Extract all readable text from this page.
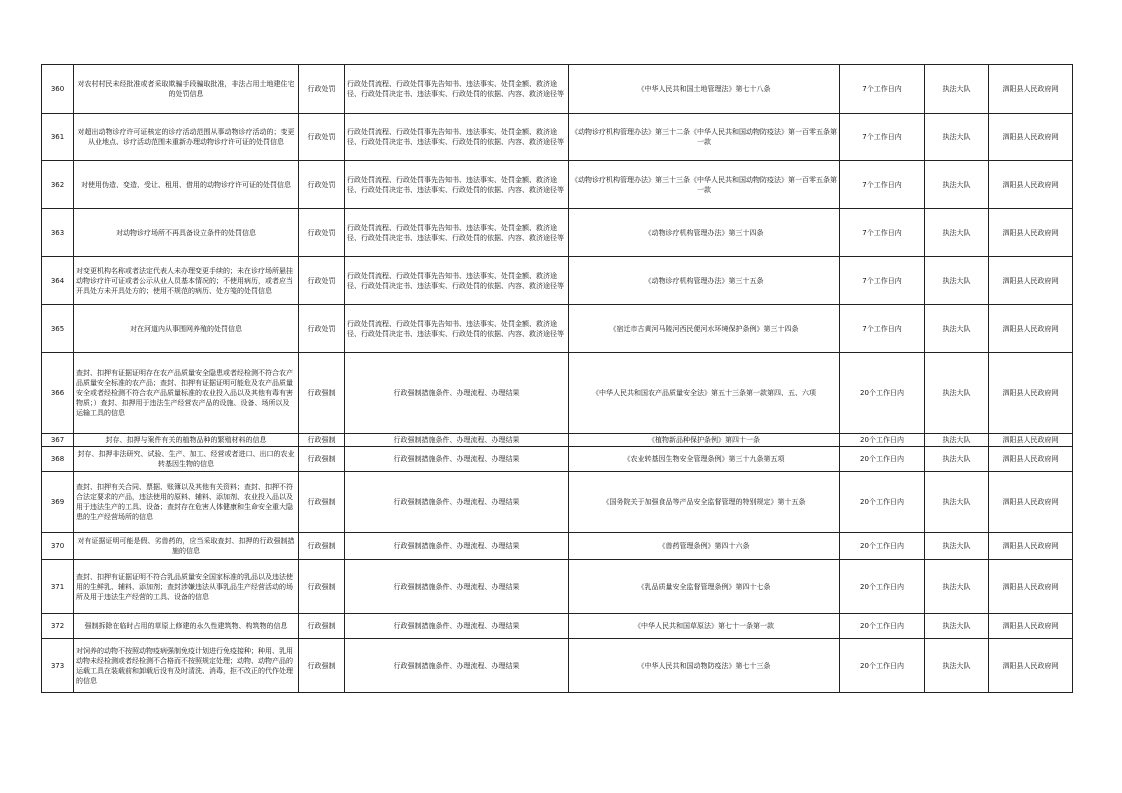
360	对农村村民未经批准或者采取欺骗手段骗取批准，非法占用土地建住宅的处罚信息	行政处罚	行政处罚流程、行政处罚事先告知书、违法事实、处罚金额、救济途径、行政处罚决定书、违法事实、行政处罚的依据、内容、救济途径等	《中华人民共和国土地管理法》第七十八条	7个工作日内	执法大队	泗阳县人民政府网
361	对超出动物诊疗许可证核定的诊疗活动范围从事动物诊疗活动的；变更从业地点、诊疗活动范围未重新办理动物诊疗许可证的处罚信息	行政处罚	行政处罚流程、行政处罚事先告知书、违法事实、处罚金额、救济途径、行政处罚决定书、违法事实、行政处罚的依据、内容、救济途径等	《动物诊疗机构管理办法》第三十二条《中华人民共和国动物防疫法》第一百零五条第一款	7个工作日内	执法大队	泗阳县人民政府网
362	对使用伪造、变造、受让、租用、借用的动物诊疗许可证的处罚信息	行政处罚	行政处罚流程、行政处罚事先告知书、违法事实、处罚金额、救济途径、行政处罚决定书、违法事实、行政处罚的依据、内容、救济途径等	《动物诊疗机构管理办法》第三十三条《中华人民共和国动物防疫法》第一百零五条第一款	7个工作日内	执法大队	泗阳县人民政府网
363	对动物诊疗场所不再具备设立条件的处罚信息	行政处罚	行政处罚流程、行政处罚事先告知书、违法事实、处罚金额、救济途径、行政处罚决定书、违法事实、行政处罚的依据、内容、救济途径等	《动物诊疗机构管理办法》第三十四条	7个工作日内	执法大队	泗阳县人民政府网
364	对变更机构名称或者法定代表人未办理变更手续的；未在诊疗场所悬挂动物诊疗许可证或者公示从业人员基本情况的；不使用病历，或者应当开具处方未开具处方的；使用不规范的病历、处方笺的处罚信息	行政处罚	行政处罚流程、行政处罚事先告知书、违法事实、处罚金额、救济途径、行政处罚决定书、违法事实、行政处罚的依据、内容、救济途径等	《动物诊疗机构管理办法》第三十五条	7个工作日内	执法大队	泗阳县人民政府网
365	对在河道内从事围网养殖的处罚信息	行政处罚	行政处罚流程、行政处罚事先告知书、违法事实、处罚金额、救济途径、行政处罚决定书、违法事实、行政处罚的依据、内容、救济途径等	《宿迁市古黄河马陵河西民便河水环境保护条例》第三十四条	7个工作日内	执法大队	泗阳县人民政府网
366	查封、扣押有证据证明存在农产品质量安全隐患或者经检测不符合农产品质量安全标准的农产品；查封、扣押有证据证明可能危及农产品质量安全或者经检测不符合农产品质量标准的农业投入品以及其他有毒有害物质；）查封、扣押用于违法生产经营农产品的设施、设备、场所以及运输工具的信息	行政强制	行政强制措施条件、办理流程、办理结果	《中华人民共和国农产品质量安全法》第五十三条第一款第四、五、六项	20个工作日内	执法大队	泗阳县人民政府网
367	封存、扣押与案件有关的植物品种的繁殖材料的信息	行政强制	行政强制措施条件、办理流程、办理结果	《植物新品种保护条例》第四十一条	20个工作日内	执法大队	泗阳县人民政府网
368	封存、扣押非法研究、试验、生产、加工、经营或者进口、出口的农业转基因生物的信息	行政强制	行政强制措施条件、办理流程、办理结果	《农业转基因生物安全管理条例》第三十九条第五项	20个工作日内	执法大队	泗阳县人民政府网
369	查封、扣押有关合同、票据、账簿以及其他有关资料；查封、扣押不符合法定要求的产品，违法使用的原料、辅料、添加剂、农业投入品以及用于违法生产的工具、设备；查封存在危害人体健康和生命安全重大隐患的生产经营场所的信息	行政强制	行政强制措施条件、办理流程、办理结果	《国务院关于加强食品等产品安全监督管理的特别规定》第十五条	20个工作日内	执法大队	泗阳县人民政府网
370	对有证据证明可能是假、劣兽药的，应当采取查封、扣押的行政强制措施的信息	行政强制	行政强制措施条件、办理流程、办理结果	《兽药管理条例》第四十六条	20个工作日内	执法大队	泗阳县人民政府网
371	查封、扣押有证据证明不符合乳品质量安全国家标准的乳品以及违法使用的生鲜乳、辅料、添加剂；查封涉嫌违法从事乳品生产经营活动的场所及用于违法生产经营的工具、设备的信息	行政强制	行政强制措施条件、办理流程、办理结果	《乳品质量安全监督管理条例》第四十七条	20个工作日内	执法大队	泗阳县人民政府网
372	强制拆除在临时占用的草原上修建的永久性建筑物、构筑物的信息	行政强制	行政强制措施条件、办理流程、办理结果	《中华人民共和国草原法》第七十一条第一款	20个工作日内	执法大队	泗阳县人民政府网
373	对饲养的动物不按照动物疫病强制免疫计划进行免疫接种；种用、乳用动物未经检测或者经检测不合格而不按照规定处理；动物、动物产品的运载工具在装载前和卸载后没有及时清洗、消毒，拒不改正的代作处理的信息	行政强制	行政强制措施条件、办理流程、办理结果	《中华人民共和国动物防疫法》第七十三条	20个工作日内	执法大队	泗阳县人民政府网
